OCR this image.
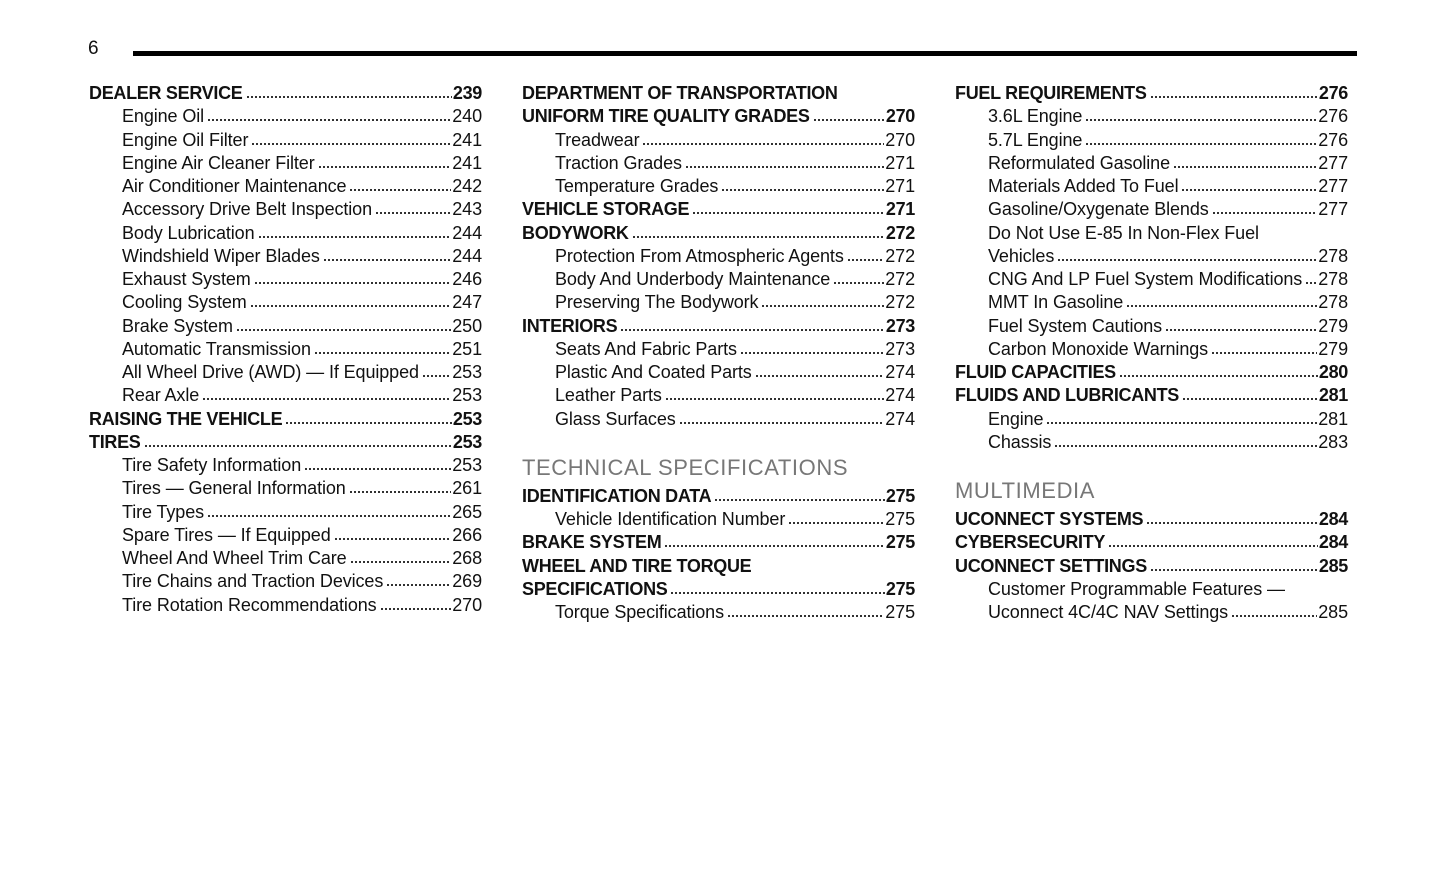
6
DEALER SERVICE	239
Engine Oil	240
Engine Oil Filter	241
Engine Air Cleaner Filter	241
Air Conditioner Maintenance	242
Accessory Drive Belt Inspection	243
Body Lubrication	244
Windshield Wiper Blades	244
Exhaust System	246
Cooling System	247
Brake System	250
Automatic Transmission	251
All Wheel Drive (AWD) — If Equipped 253
Rear Axle	253
RAISING THE VEHICLE	253
TIRES	253
Tire Safety Information	253
Tires — General Information	261
Tire Types	265
Spare Tires — If Equipped	266
Wheel And Wheel Trim Care	268
Tire Chains and Traction Devices	269
Tire Rotation Recommendations	270
DEPARTMENT OF TRANSPORTATION
UNIFORM TIRE QUALITY GRADES	270
Treadwear	270
Traction Grades	271
Temperature Grades	271
VEHICLE STORAGE	271
BODYWORK	272
Protection From Atmospheric Agents 272
Body And Underbody Maintenance	272
Preserving The Bodywork	272
INTERIORS	273
Seats And Fabric Parts	273
Plastic And Coated Parts	274
Leather Parts	274
Glass Surfaces	274
TECHNICAL SPECIFICATIONS
IDENTIFICATION DATA	275
Vehicle Identification Number	275
BRAKE SYSTEM	275
WHEEL AND TIRE TORQUE
SPECIFICATIONS	275
Torque Specifications	275
FUEL REQUIREMENTS	276
3.6L Engine	276
5.7L Engine	276
Reformulated Gasoline	277
Materials Added To Fuel	277
Gasoline/Oxygenate Blends	277
Do Not Use E-85 In Non-Flex Fuel
Vehicles	278
CNG And LP Fuel System Modifications 278
MMT In Gasoline	278
Fuel System Cautions	279
Carbon Monoxide Warnings	279
FLUID CAPACITIES	280
FLUIDS AND LUBRICANTS	281
Engine	281
Chassis	283
MULTIMEDIA
UCONNECT SYSTEMS	284
CYBERSECURITY	284
UCONNECT SETTINGS	285
Customer Programmable Features —
Uconnect 4C/4C NAV Settings	285
